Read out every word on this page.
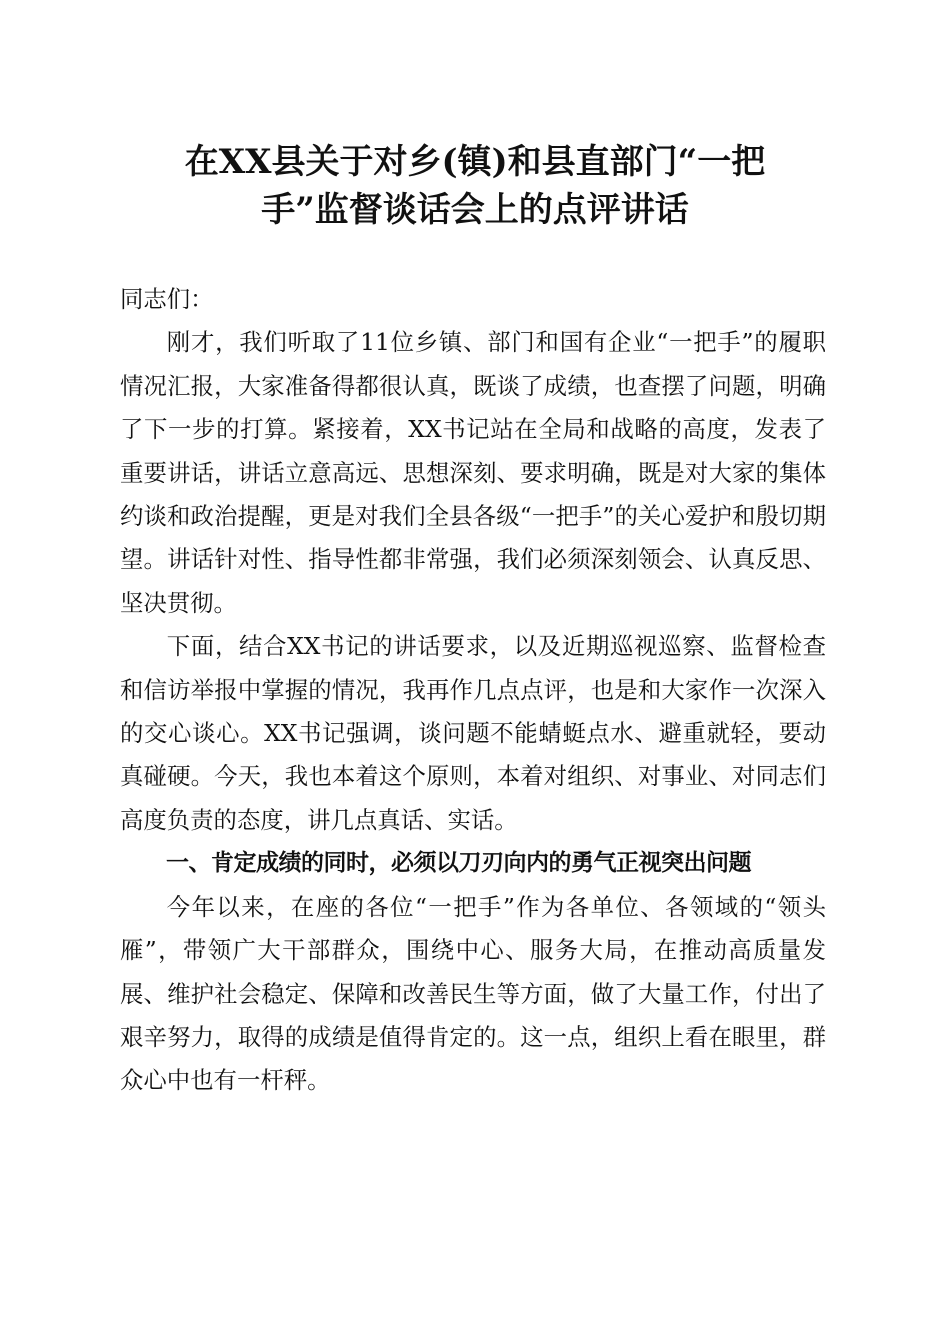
在XX县关于对乡(镇)和县直部门“一把
手”监督谈话会上的点评讲话

同志们：

刚才，我们听取了11位乡镇、部门和国有企业“一把手”的履职情况汇报，大家准备得都很认真，既谈了成绩，也查摆了问题，明确了下一步的打算。紧接着，XX书记站在全局和战略的高度，发表了重要讲话，讲话立意高远、思想深刻、要求明确，既是对大家的集体约谈和政治提醒，更是对我们全县各级“一把手”的关心爱护和殷切期望。讲话针对性、指导性都非常强，我们必须深刻领会、认真反思、坚决贯彻。

下面，结合XX书记的讲话要求，以及近期巡视巡察、监督检查和信访举报中掌握的情况，我再作几点点评，也是和大家作一次深入的交心谈心。XX书记强调，谈问题不能蜻蜓点水、避重就轻，要动真碰硬。今天，我也本着这个原则，本着对组织、对事业、对同志们高度负责的态度，讲几点真话、实话。

一、肯定成绩的同时，必须以刀刃向内的勇气正视突出问题

今年以来，在座的各位“一把手”作为各单位、各领域的“领头雁”，带领广大干部群众，围绕中心、服务大局，在推动高质量发展、维护社会稳定、保障和改善民生等方面，做了大量工作，付出了艰辛努力，取得的成绩是值得肯定的。这一点，组织上看在眼里，群众心中也有一杆秤。
